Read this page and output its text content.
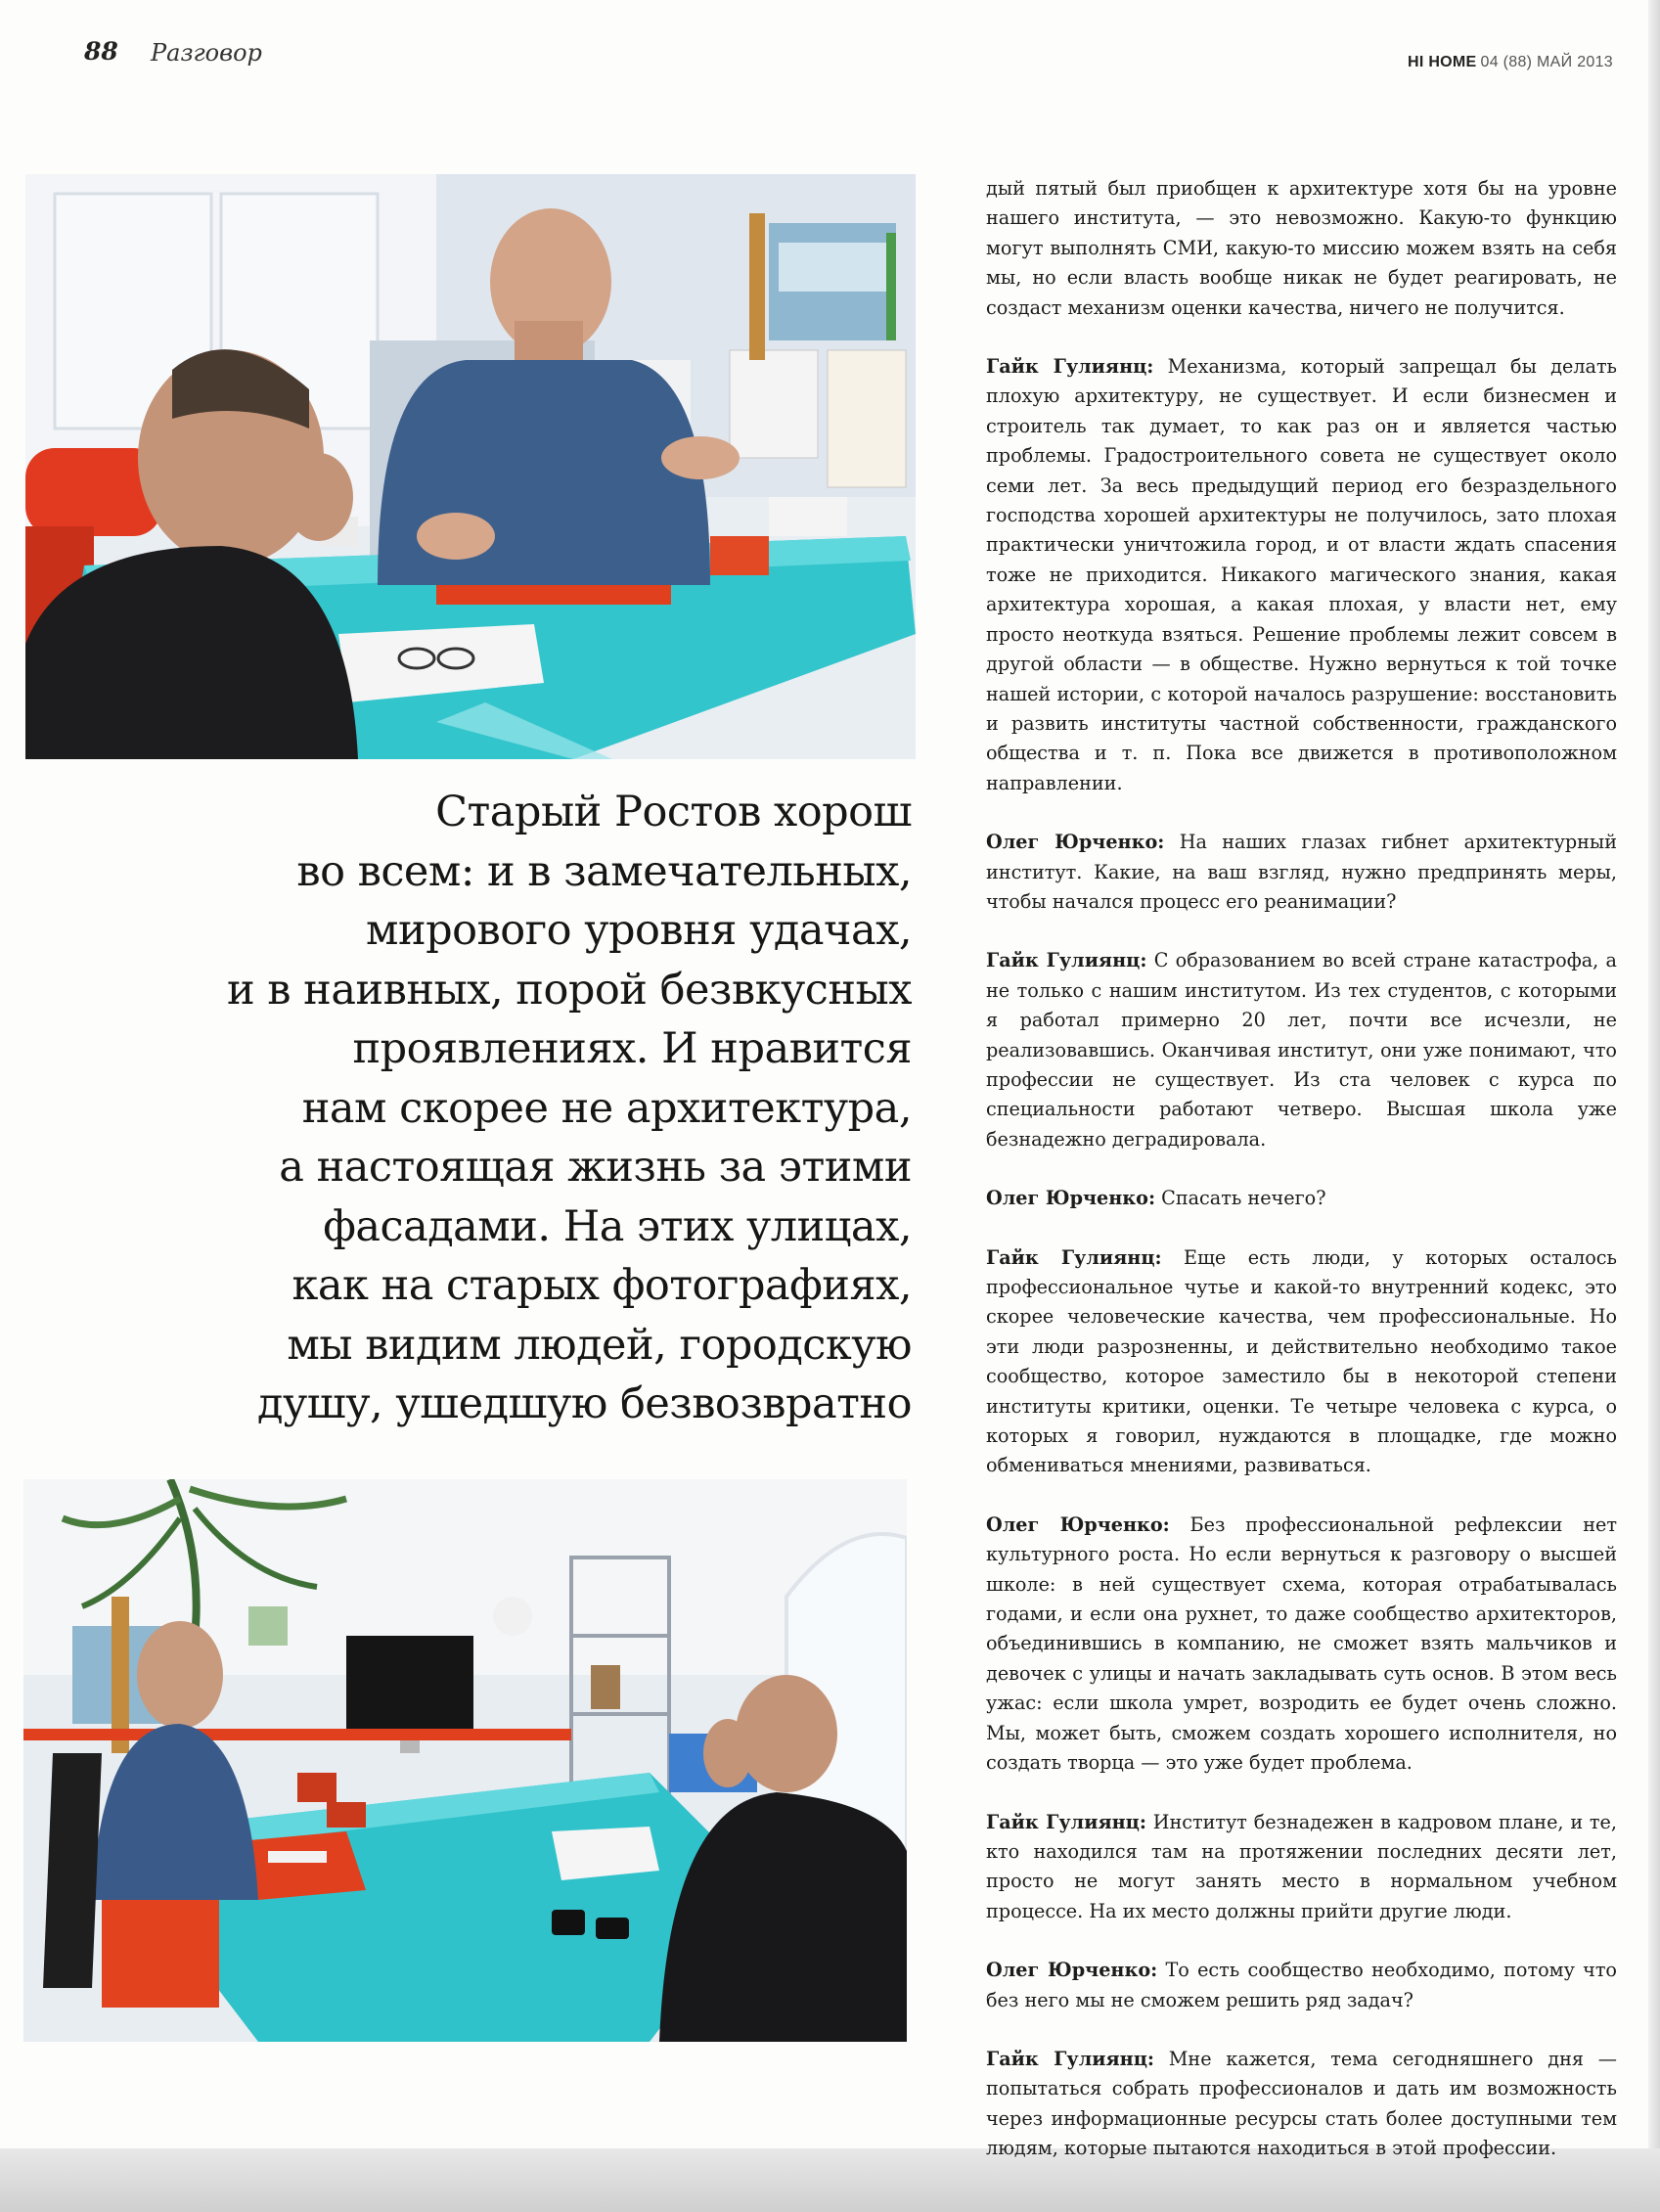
88 Разговор	HI HOME 04 (88) МАЙ 2013
Старый Ростов хорош
во всем: и в замечательных,
мирового уровня удачах,
и в наивных, порой безвкусных
проявлениях. И нравится
нам скорее не архитектура,
а настоящая жизнь за этими
фасадами. На этих улицах,
как на старых фотографиях,
мы видим людей, городскую
душу, ушедшую безвозвратно

дый пятый был приобщен к архитектуре хотя бы на уровне нашего института, — это невозможно. Какую-то функцию могут выполнять СМИ, какую-то миссию можем взять на себя мы, но если власть вообще никак не будет реагировать, не создаст механизм оценки качества, ничего не получится.

Гайк Гулиянц: Механизма, который запрещал бы делать плохую архитектуру, не существует. И если бизнесмен и строитель так думает, то как раз он и является частью проблемы. Градостроительного совета не существует около семи лет. За весь предыдущий период его безраздельного господства хорошей архитектуры не получилось, зато плохая практически уничтожила город, и от власти ждать спасения тоже не приходится. Никакого магического знания, какая архитектура хорошая, а какая плохая, у власти нет, ему просто неоткуда взяться. Решение проблемы лежит совсем в другой области — в обществе. Нужно вернуться к той точке нашей истории, с которой началось разрушение: восстановить и развить институты частной собственности, гражданского общества и т. п. Пока все движется в противоположном направлении.

Олег Юрченко: На наших глазах гибнет архитектурный институт. Какие, на ваш взгляд, нужно предпринять меры, чтобы начался процесс его реанимации?

Гайк Гулиянц: С образованием во всей стране катастрофа, а не только с нашим институтом. Из тех студентов, с которыми я работал примерно 20 лет, почти все исчезли, не реализовавшись. Оканчивая институт, они уже понимают, что профессии не существует. Из ста человек с курса по специальности работают четверо. Высшая школа уже безнадежно деградировала.

Олег Юрченко: Спасать нечего?

Гайк Гулиянц: Еще есть люди, у которых осталось профессиональное чутье и какой-то внутренний кодекс, это скорее человеческие качества, чем профессиональные. Но эти люди разрозненны, и действительно необходимо такое сообщество, которое заместило бы в некоторой степени институты критики, оценки. Те четыре человека с курса, о которых я говорил, нуждаются в площадке, где можно обмениваться мнениями, развиваться.

Олег Юрченко: Без профессиональной рефлексии нет культурного роста. Но если вернуться к разговору о высшей школе: в ней существует схема, которая отрабатывалась годами, и если она рухнет, то даже сообщество архитекторов, объединившись в компанию, не сможет взять мальчиков и девочек с улицы и начать закладывать суть основ. В этом весь ужас: если школа умрет, возродить ее будет очень сложно. Мы, может быть, сможем создать хорошего исполнителя, но создать творца — это уже будет проблема.

Гайк Гулиянц: Институт безнадежен в кадровом плане, и те, кто находился там на протяжении последних десяти лет, просто не могут занять место в нормальном учебном процессе. На их место должны прийти другие люди.

Олег Юрченко: То есть сообщество необходимо, потому что без него мы не сможем решить ряд задач?

Гайк Гулиянц: Мне кажется, тема сегодняшнего дня — попытаться собрать профессионалов и дать им возможность через информационные ресурсы стать более доступными тем людям, которые пытаются находиться в этой профессии.
